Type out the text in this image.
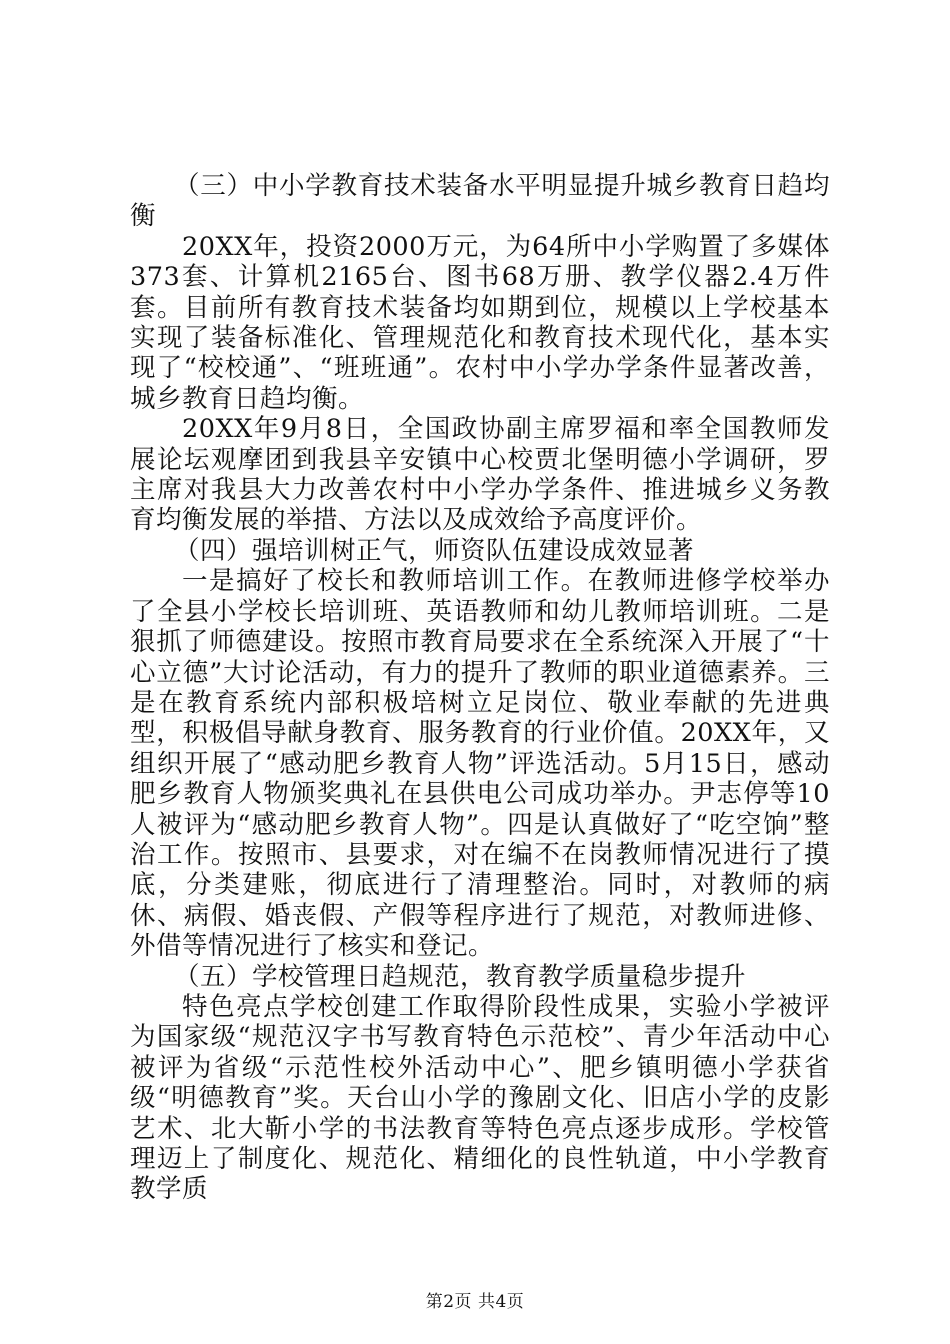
（三）中小学教育技术装备水平明显提升城乡教育日趋均衡

20XX年，投资2000万元，为64所中小学购置了多媒体373套、计算机2165台、图书68万册、教学仪器2.4万件套。目前所有教育技术装备均如期到位，规模以上学校基本实现了装备标准化、管理规范化和教育技术现代化，基本实现了“校校通”、“班班通”。农村中小学办学条件显著改善，城乡教育日趋均衡。

20XX年9月8日，全国政协副主席罗福和率全国教师发展论坛观摩团到我县辛安镇中心校贾北堡明德小学调研，罗主席对我县大力改善农村中小学办学条件、推进城乡义务教育均衡发展的举措、方法以及成效给予高度评价。

（四）强培训树正气，师资队伍建设成效显著

一是搞好了校长和教师培训工作。在教师进修学校举办了全县小学校长培训班、英语教师和幼儿教师培训班。二是狠抓了师德建设。按照市教育局要求在全系统深入开展了“十心立德”大讨论活动，有力的提升了教师的职业道德素养。三是在教育系统内部积极培树立足岗位、敬业奉献的先进典型，积极倡导献身教育、服务教育的行业价值。20XX年，又组织开展了“感动肥乡教育人物”评选活动。5月15日，感动肥乡教育人物颁奖典礼在县供电公司成功举办。尹志停等10人被评为“感动肥乡教育人物”。四是认真做好了“吃空饷”整治工作。按照市、县要求，对在编不在岗教师情况进行了摸底，分类建账，彻底进行了清理整治。同时，对教师的病休、病假、婚丧假、产假等程序进行了规范，对教师进修、外借等情况进行了核实和登记。

（五）学校管理日趋规范，教育教学质量稳步提升

特色亮点学校创建工作取得阶段性成果，实验小学被评为国家级“规范汉字书写教育特色示范校”、青少年活动中心被评为省级“示范性校外活动中心”、肥乡镇明德小学获省级“明德教育”奖。天台山小学的豫剧文化、旧店小学的皮影艺术、北大靳小学的书法教育等特色亮点逐步成形。学校管理迈上了制度化、规范化、精细化的良性轨道，中小学教育教学质

第2页 共4页
